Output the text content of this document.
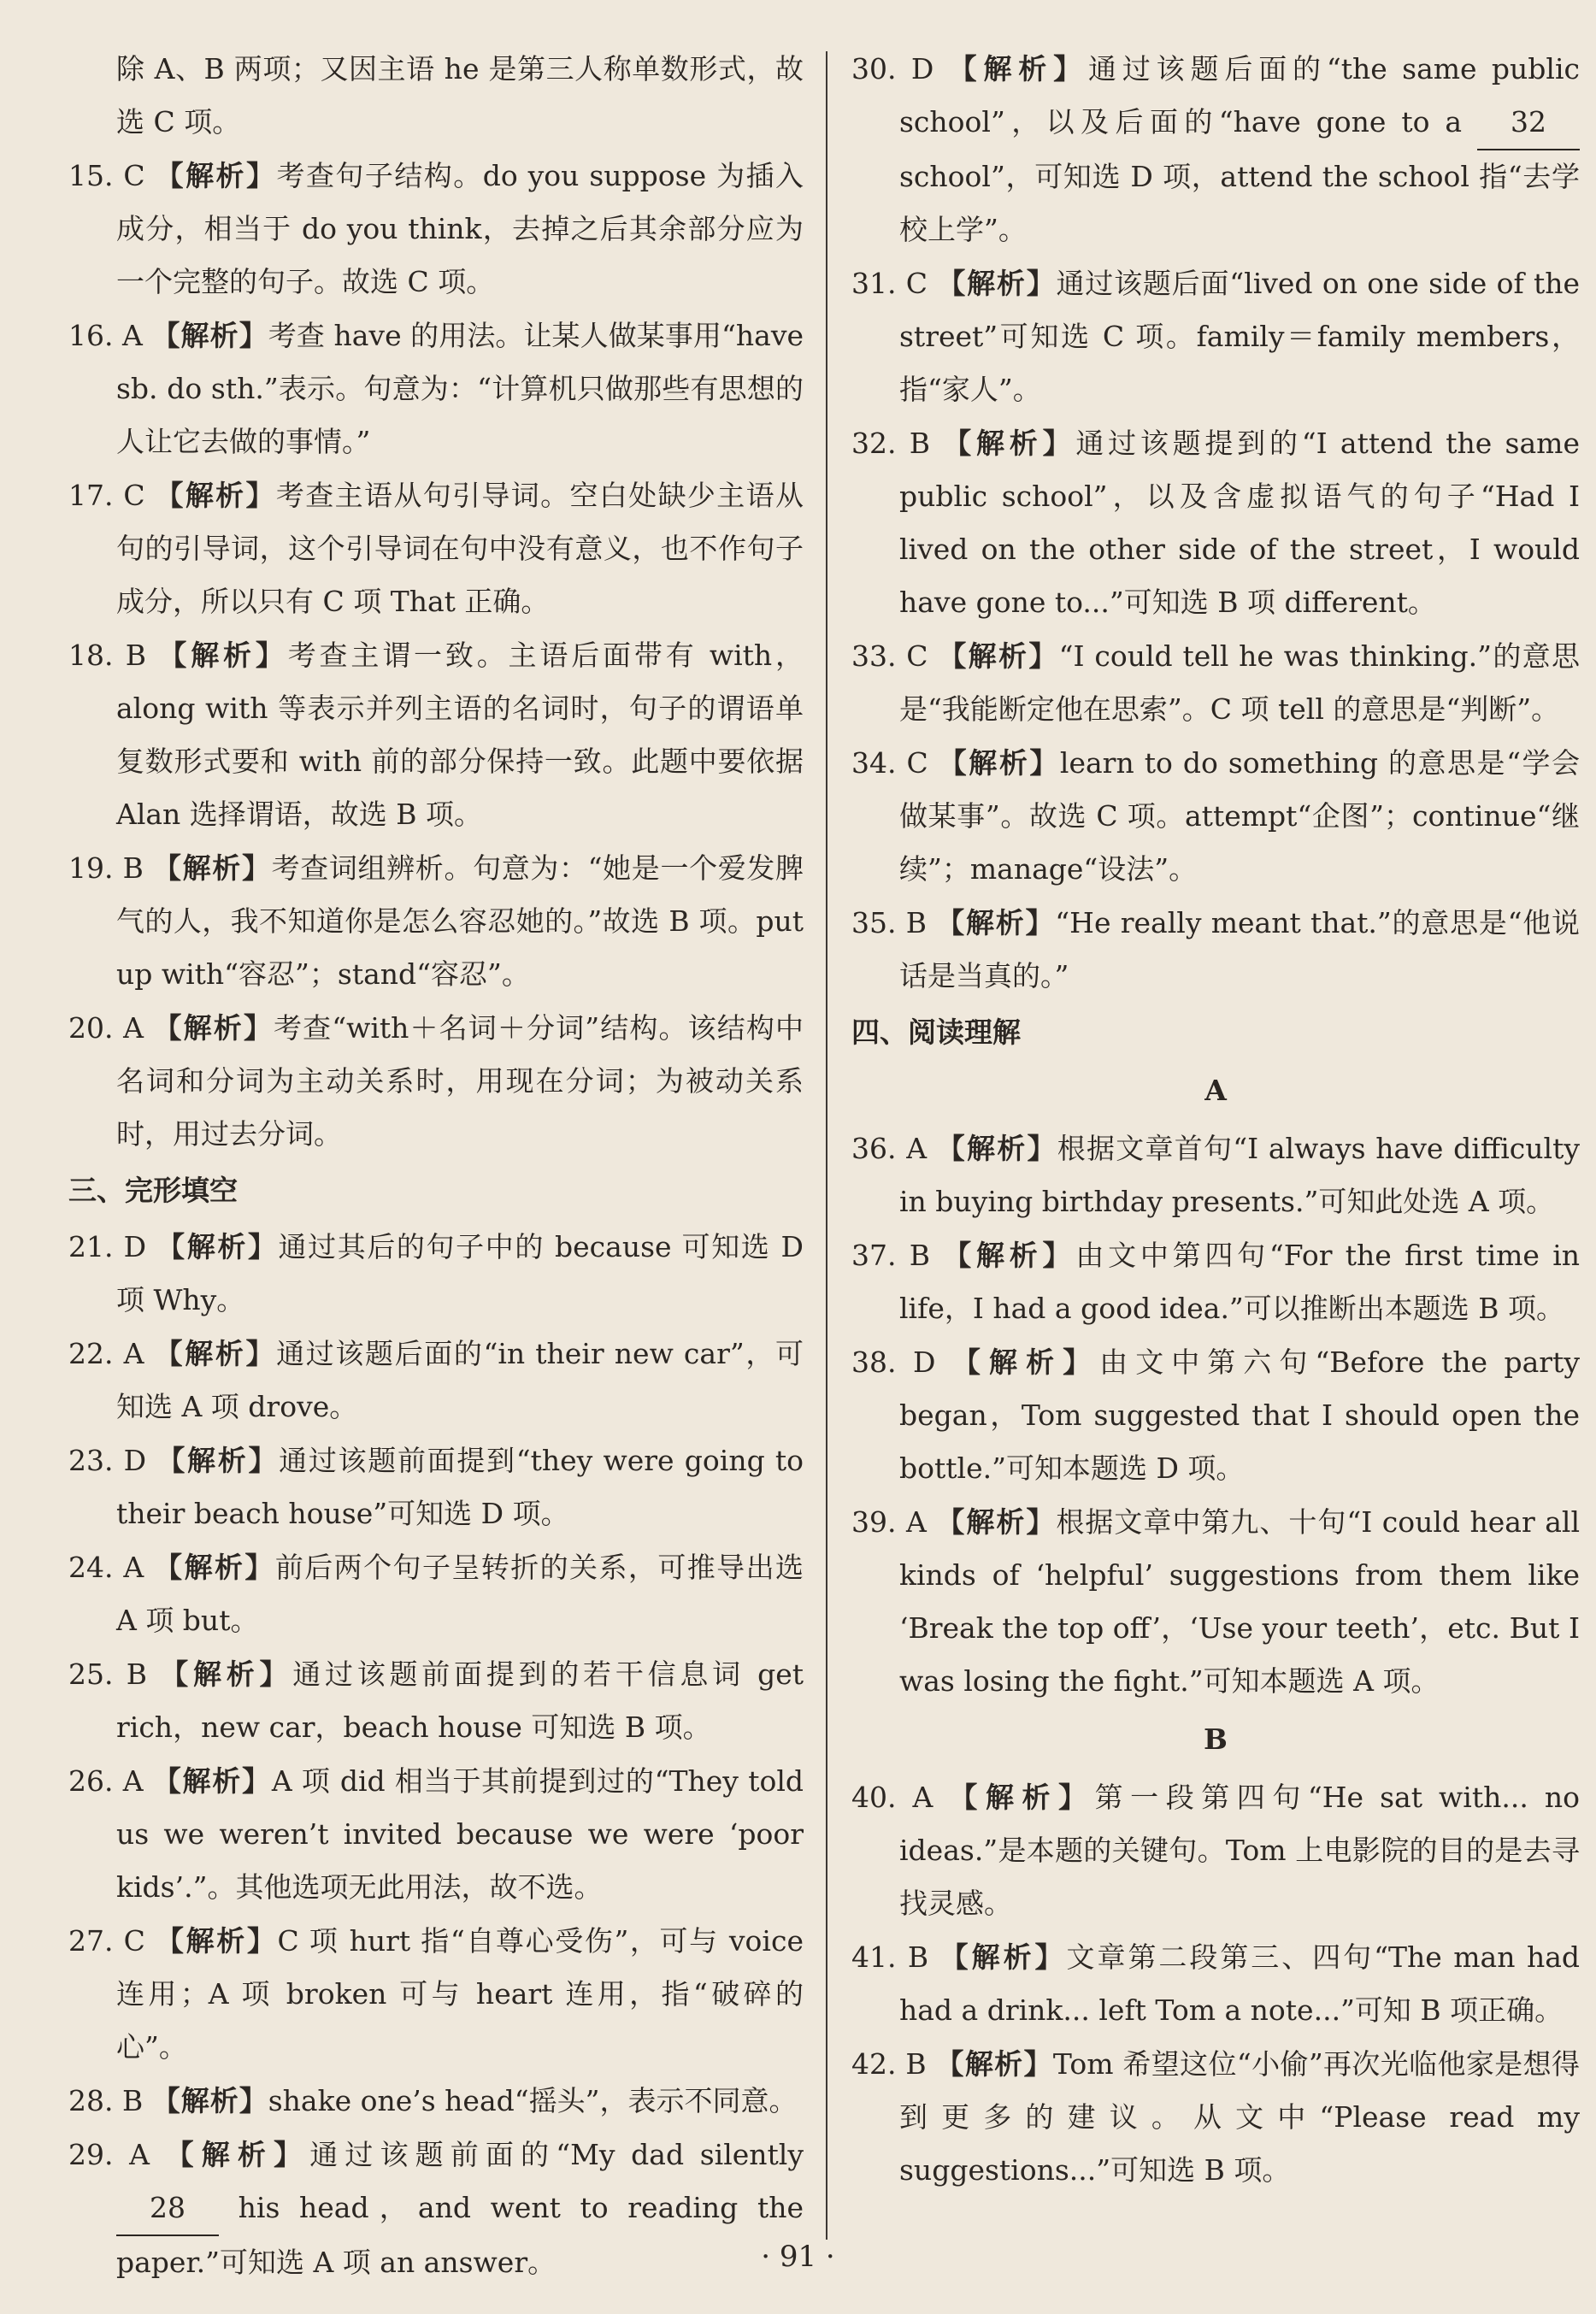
除 A、B 两项；又因主语 he 是第三人称单数形式，故选 C 项。

15. C 【解析】考查句子结构。do you suppose 为插入成分，相当于 do you think，去掉之后其余部分应为一个完整的句子。故选 C 项。

16. A 【解析】考查 have 的用法。让某人做某事用“have sb. do sth.”表示。句意为：“计算机只做那些有思想的人让它去做的事情。”

17. C 【解析】考查主语从句引导词。空白处缺少主语从句的引导词，这个引导词在句中没有意义，也不作句子成分，所以只有 C 项 That 正确。

18. B 【解析】考查主谓一致。主语后面带有 with，along with 等表示并列主语的名词时，句子的谓语单复数形式要和 with 前的部分保持一致。此题中要依据 Alan 选择谓语，故选 B 项。

19. B 【解析】考查词组辨析。句意为：“她是一个爱发脾气的人，我不知道你是怎么容忍她的。”故选 B 项。put up with“容忍”；stand“容忍”。

20. A 【解析】考查“with＋名词＋分词”结构。该结构中名词和分词为主动关系时，用现在分词；为被动关系时，用过去分词。

三、完形填空

21. D 【解析】通过其后的句子中的 because 可知选 D 项 Why。

22. A 【解析】通过该题后面的“in their new car”，可知选 A 项 drove。

23. D 【解析】通过该题前面提到“they were going to their beach house”可知选 D 项。

24. A 【解析】前后两个句子呈转折的关系，可推导出选 A 项 but。

25. B 【解析】通过该题前面提到的若干信息词 get rich，new car，beach house 可知选 B 项。

26. A 【解析】A 项 did 相当于其前提到过的“They told us we weren’t invited because we were ‘poor kids’.”。其他选项无此用法，故不选。

27. C 【解析】C 项 hurt 指“自尊心受伤”，可与 voice 连用；A 项 broken 可与 heart 连用，指“破碎的心”。

28. B 【解析】shake one’s head“摇头”，表示不同意。

29. A 【解析】通过该题前面的“My dad silently 28 his head，and went to reading the paper.”可知选 A 项 an answer。

30. D 【解析】通过该题后面的“the same public school”，以及后面的“have gone to a 32school”，可知选 D 项，attend the school 指“去学校上学”。

31. C 【解析】通过该题后面“lived on one side of the street”可知选 C 项。family＝family members，指“家人”。

32. B 【解析】通过该题提到的“I attend the same public school”，以及含虚拟语气的句子“Had I lived on the other side of the street，I would have gone to...”可知选 B 项 different。

33. C 【解析】“I could tell he was thinking.”的意思是“我能断定他在思索”。C 项 tell 的意思是“判断”。

34. C 【解析】learn to do something 的意思是“学会做某事”。故选 C 项。attempt“企图”；continue“继续”；manage“设法”。

35. B 【解析】“He really meant that.”的意思是“他说话是当真的。”

四、阅读理解
A

36. A 【解析】根据文章首句“I always have difficulty in buying birthday presents.”可知此处选 A 项。

37. B 【解析】由文中第四句“For the first time in life，I had a good idea.”可以推断出本题选 B 项。

38. D 【解析】由文中第六句“Before the party began，Tom suggested that I should open the bottle.”可知本题选 D 项。

39. A 【解析】根据文章中第九、十句“I could hear all kinds of ‘helpful’ suggestions from them like ‘Break the top off’，‘Use your teeth’，etc. But I was losing the fight.”可知本题选 A 项。

B

40. A 【解析】第一段第四句“He sat with... no ideas.”是本题的关键句。Tom 上电影院的目的是去寻找灵感。

41. B 【解析】文章第二段第三、四句“The man had had a drink... left Tom a note...”可知 B 项正确。

42. B 【解析】Tom 希望这位“小偷”再次光临他家是想得到更多的建议。从文中“Please read my suggestions...”可知选 B 项。

· 91 ·
